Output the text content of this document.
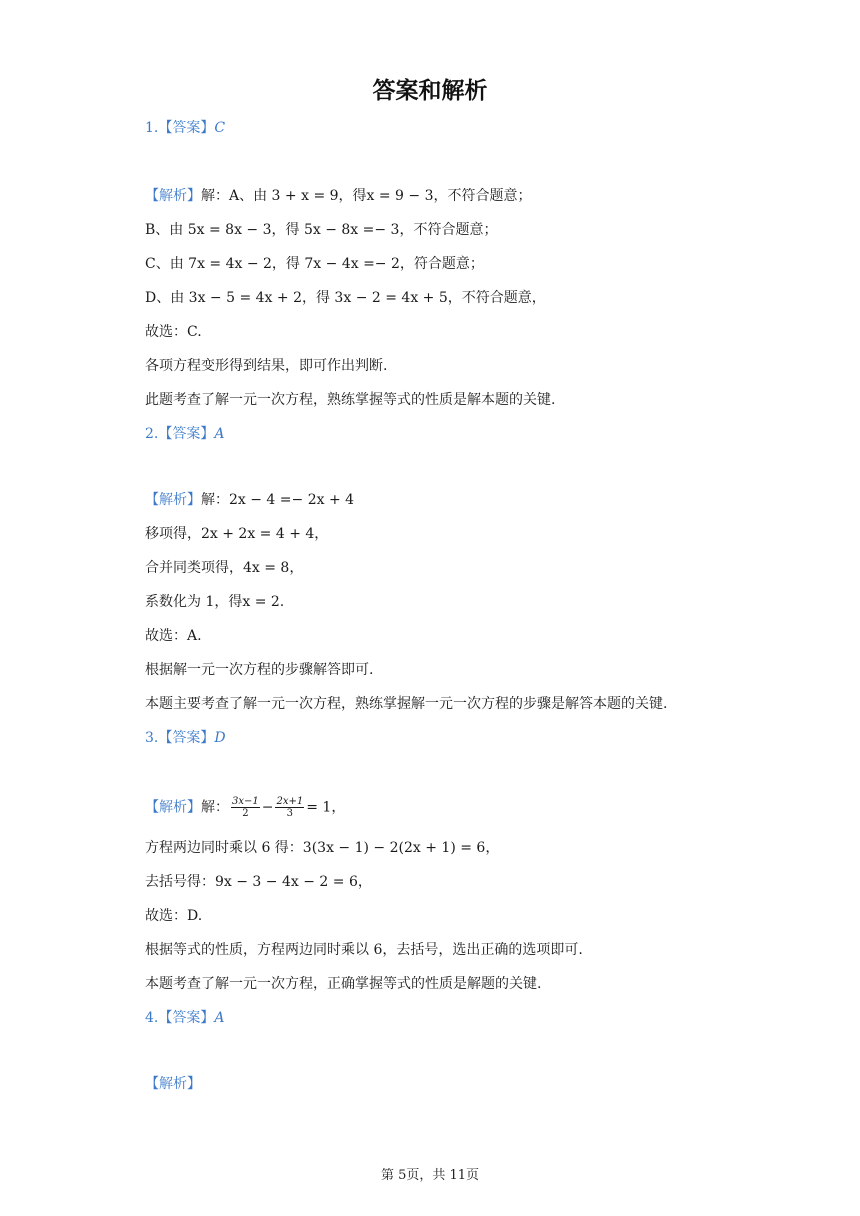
答案和解析
1.【答案】C
【解析】解：A、由 3 + x = 9，得x = 9 − 3，不符合题意；
B、由 5x = 8x − 3，得 5x − 8x =− 3，不符合题意；
C、由 7x = 4x − 2，得 7x − 4x =− 2，符合题意；
D、由 3x − 5 = 4x + 2，得 3x − 2 = 4x + 5，不符合题意，
故选：C.
各项方程变形得到结果，即可作出判断.
此题考查了解一元一次方程，熟练掌握等式的性质是解本题的关键.
2.【答案】A
【解析】解：2x − 4 =− 2x + 4
移项得，2x + 2x = 4 + 4，
合并同类项得，4x = 8，
系数化为 1，得x = 2.
故选：A.
根据解一元一次方程的步骤解答即可.
本题主要考查了解一元一次方程，熟练掌握解一元一次方程的步骤是解答本题的关键.
3.【答案】D
【解析】解： $\frac{3x-1}{2} - \frac{2x+1}{3} = 1$，
方程两边同时乘以 6 得：3(3x − 1) − 2(2x + 1) = 6，
去括号得：9x − 3 − 4x − 2 = 6，
故选：D.
根据等式的性质，方程两边同时乘以 6，去括号，选出正确的选项即可.
本题考查了解一元一次方程，正确掌握等式的性质是解题的关键.
4.【答案】A
【解析】
第 5页，共 11页
